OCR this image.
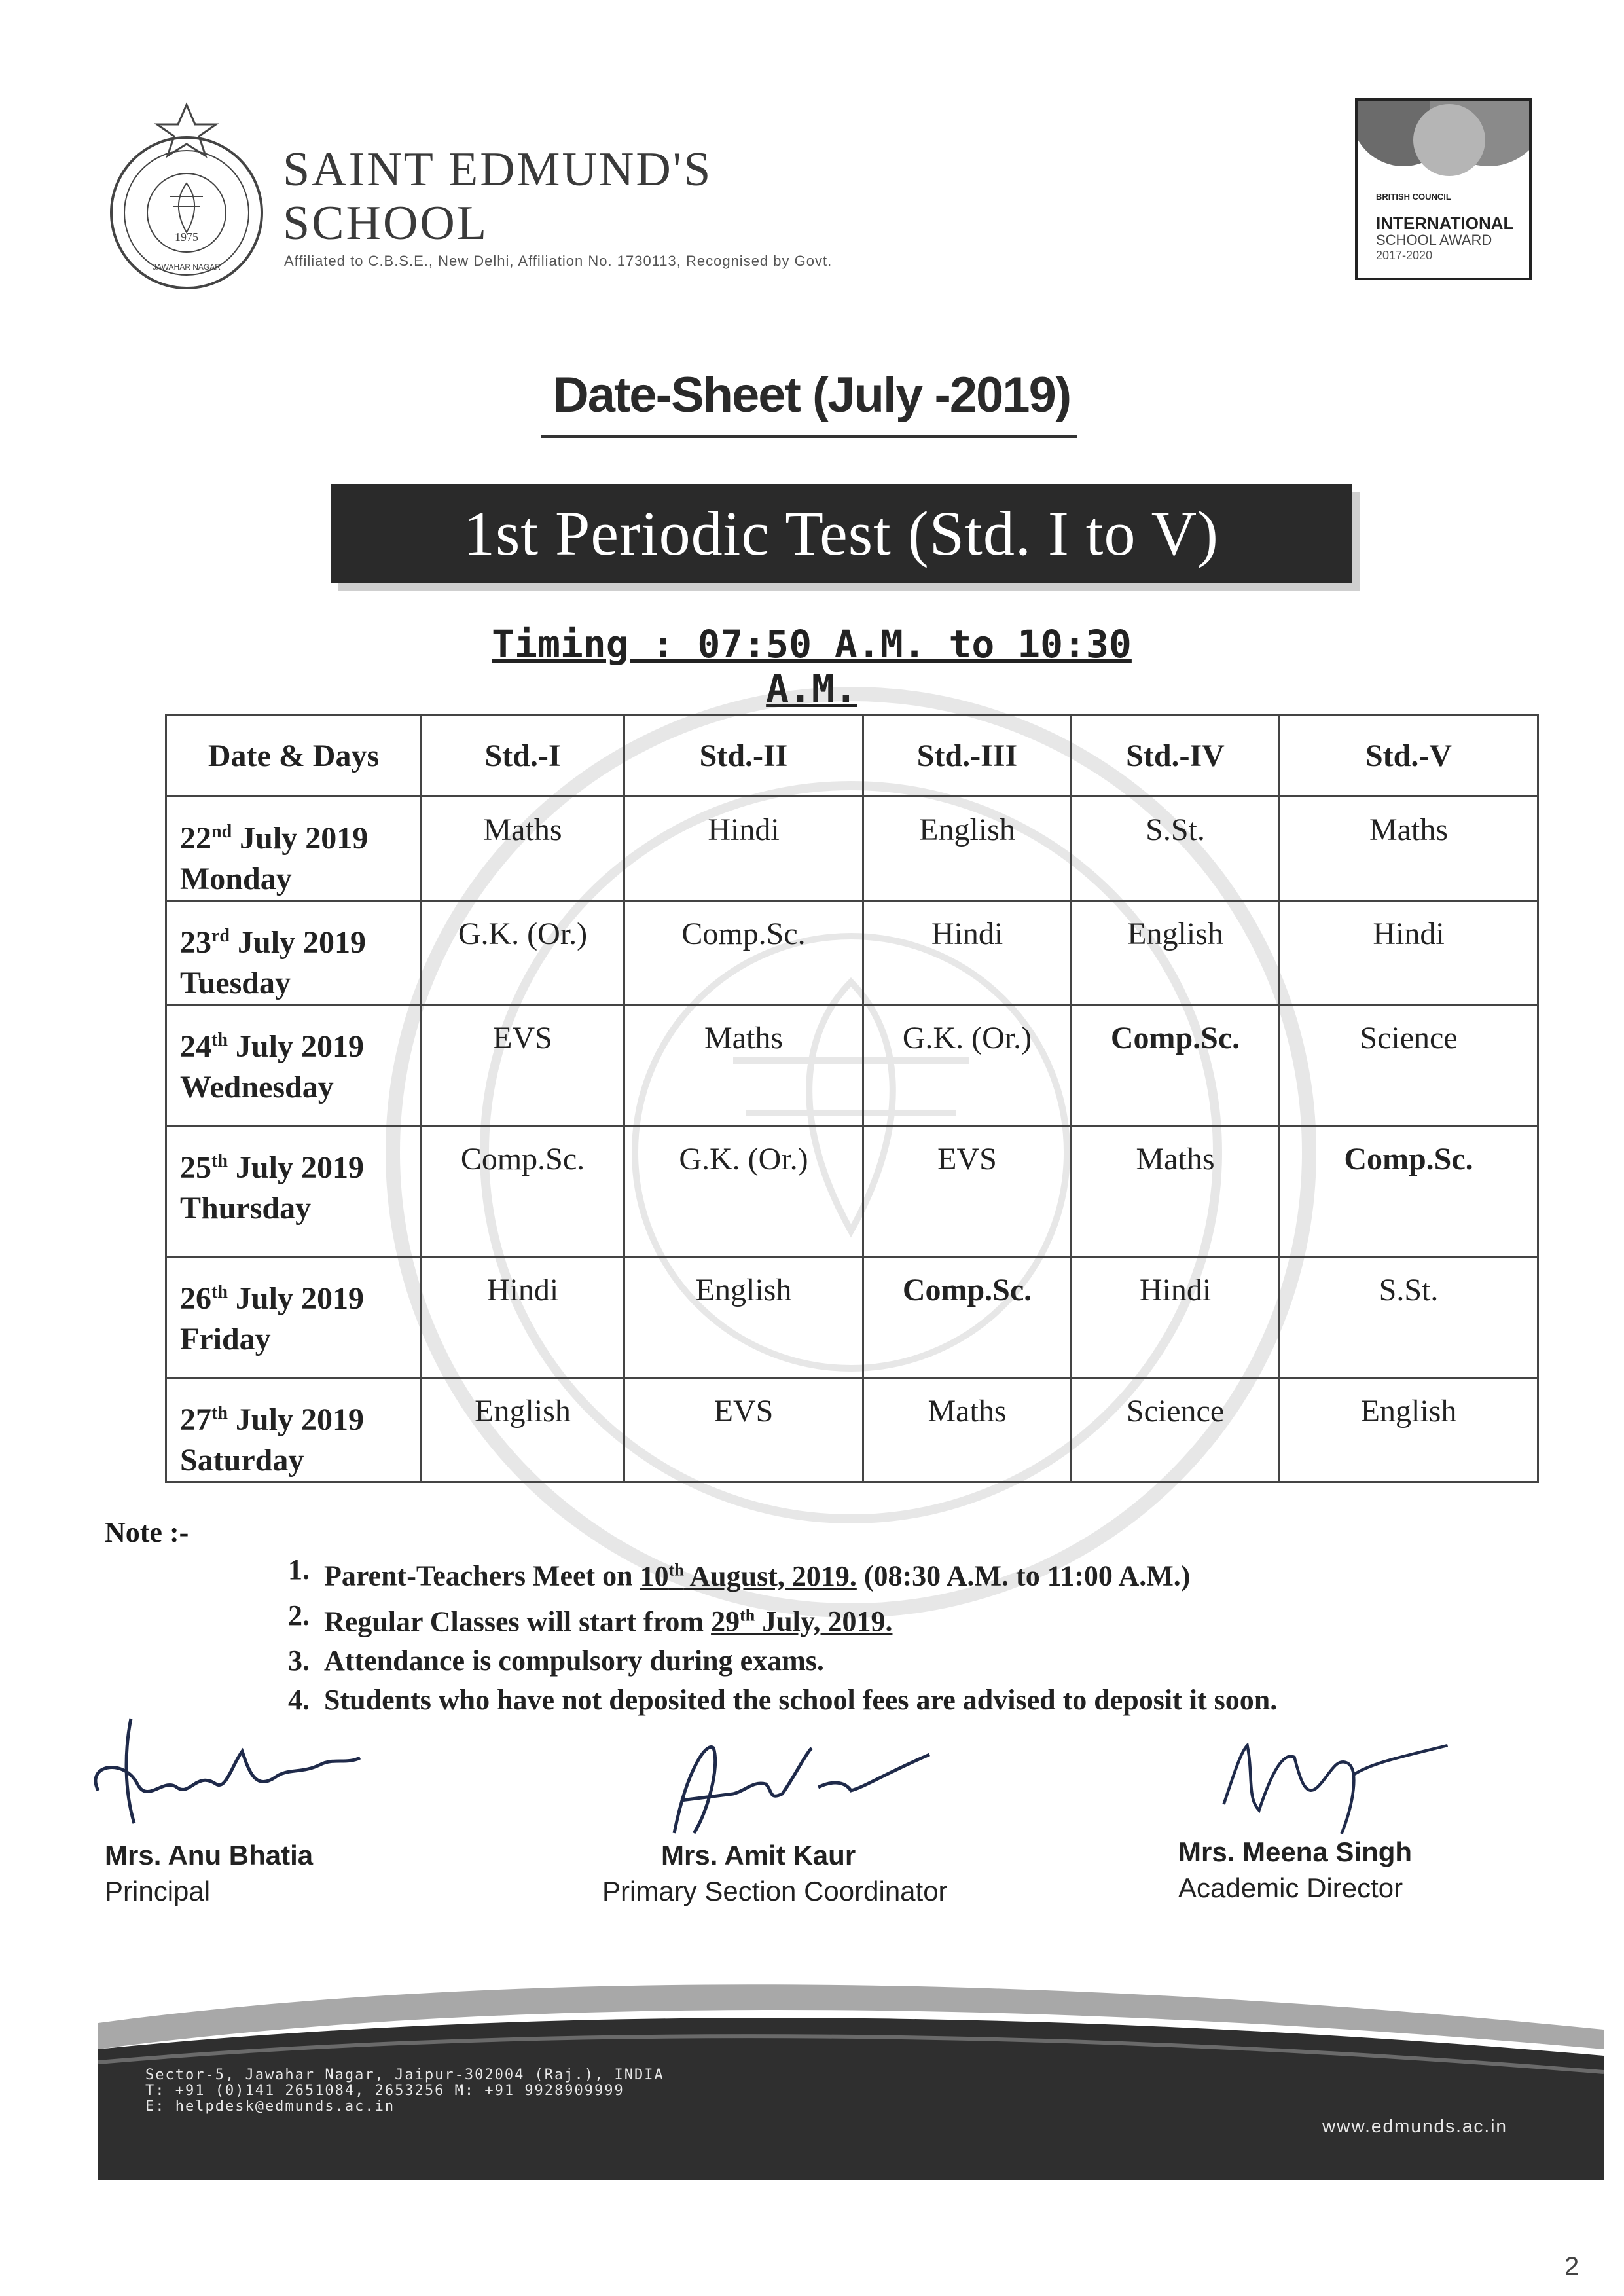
1975
JAWAHAR NAGAR
SAINT EDMUND'S
SCHOOL
Affiliated to C.B.S.E., New Delhi, Affiliation No. 1730113, Recognised by Govt.
BRITISH COUNCIL
INTERNATIONAL
SCHOOL AWARD
2017-2020
Date-Sheet (July -2019)
1st Periodic Test (Std. I to V)
Timing : 07:50 A.M. to 10:30 A.M.
Date & Days	Std.-I	Std.-II	Std.-III	Std.-IV	Std.-V

22nd July 2019
Monday	Maths	Hindi	English	S.St.	Maths

23rd July 2019
Tuesday	G.K. (Or.)	Comp.Sc.	Hindi	English	Hindi

24th July 2019
Wednesday	EVS	Maths	G.K. (Or.)	Comp.Sc.	Science

25th July 2019
Thursday	Comp.Sc.	G.K. (Or.)	EVS	Maths	Comp.Sc.

26th July 2019
Friday	Hindi	English	Comp.Sc.	Hindi	S.St.

27th July 2019
Saturday	English	EVS	Maths	Science	English
Note :-
1. Parent-Teachers Meet on 10th August, 2019. (08:30 A.M. to 11:00 A.M.)
2. Regular Classes will start from 29th July, 2019.
3. Attendance is compulsory during exams.
4. Students who have not deposited the school fees are advised to deposit it soon.
Mrs. Anu Bhatia
Principal
Mrs. Amit Kaur
Primary Section Coordinator
Mrs. Meena Singh
Academic Director
Sector-5, Jawahar Nagar, Jaipur-302004 (Raj.), INDIA
T: +91 (0)141 2651084, 2653256 M: +91 9928909999
E: helpdesk@edmunds.ac.in
www.edmunds.ac.in
2
